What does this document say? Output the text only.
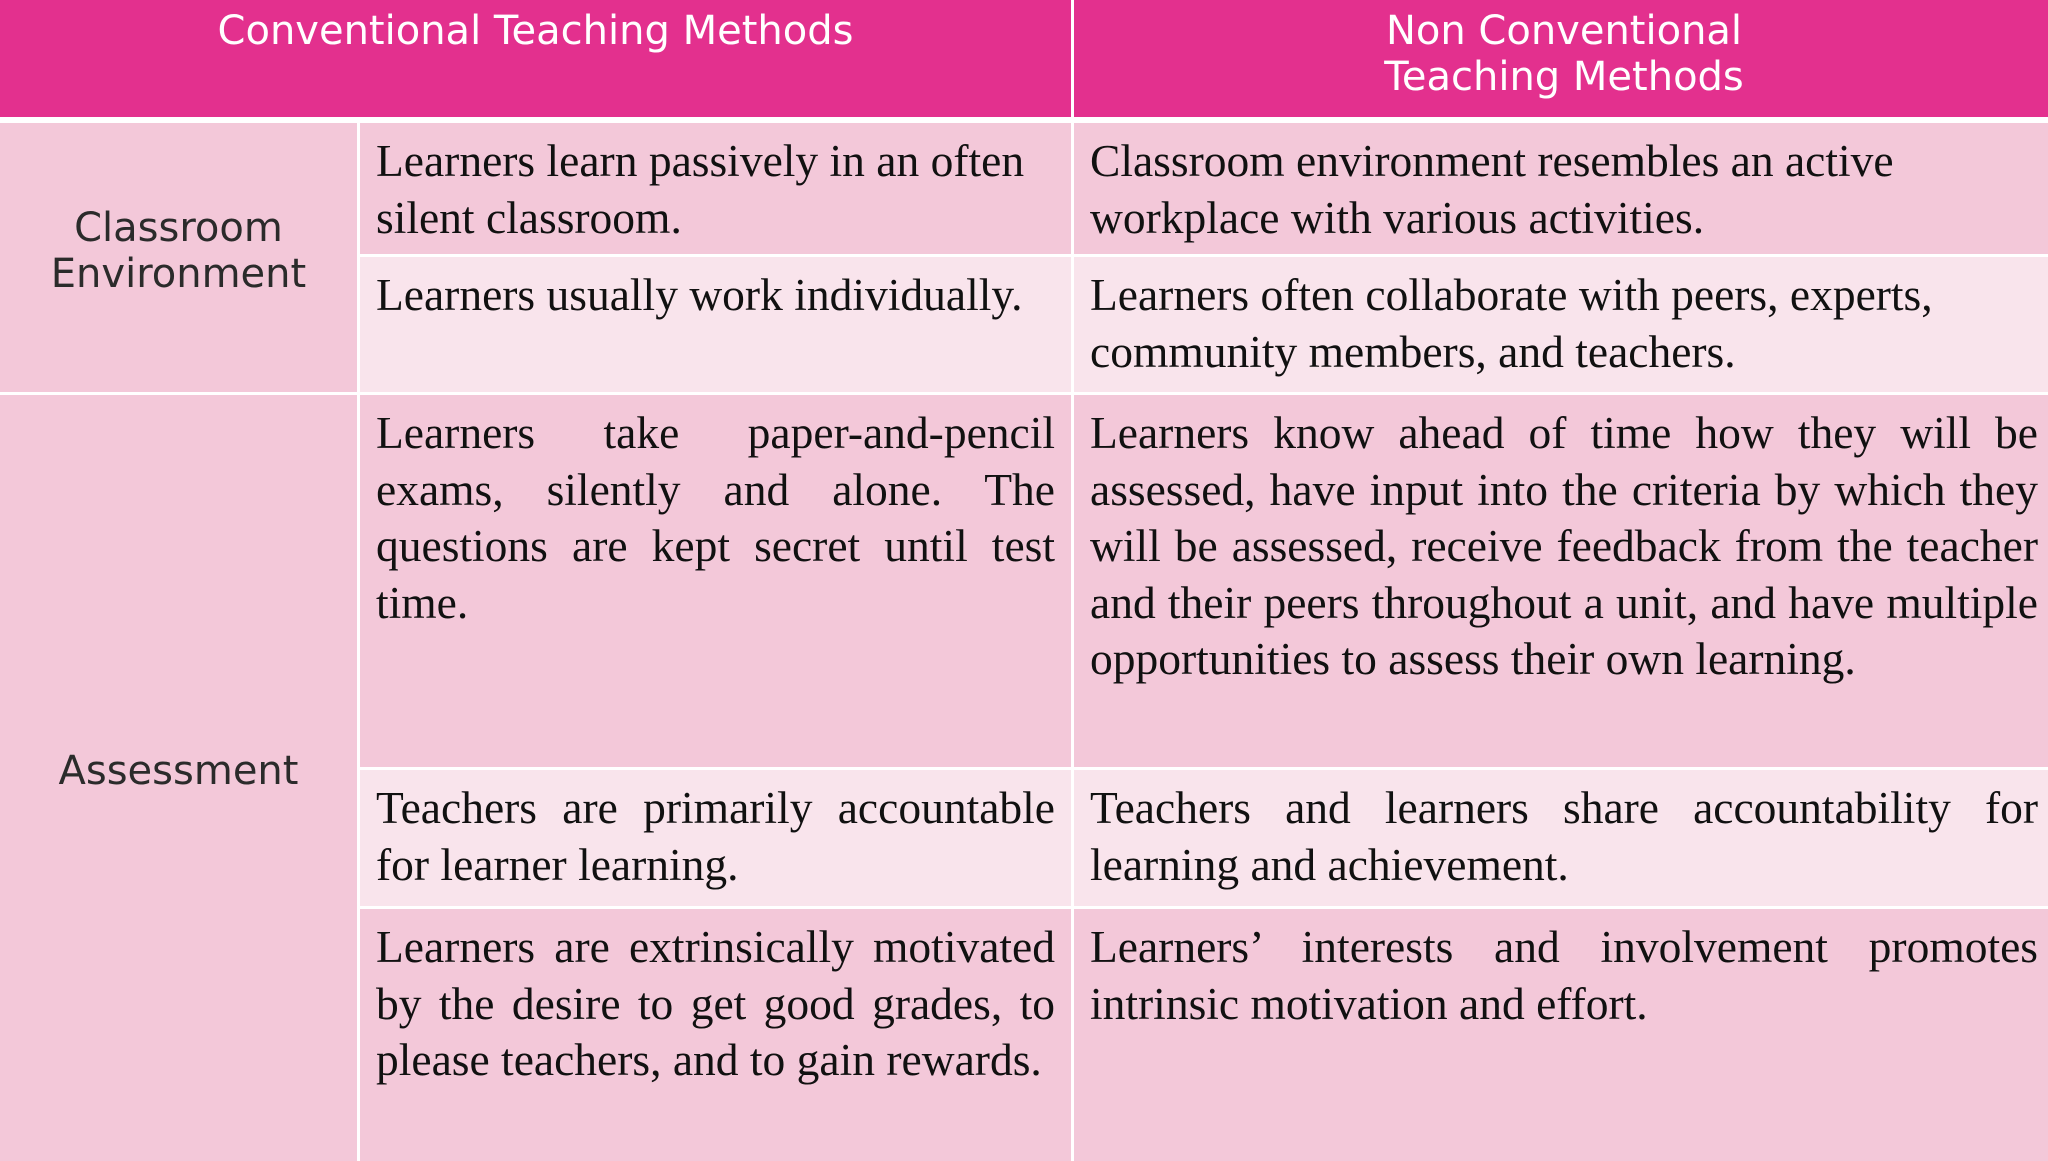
Conventional Teaching Methods	Non Conventional
Teaching Methods
Classroom
Environment
Assessment
Learners learn passively in an often silent classroom.
Classroom environment resembles an active workplace with various activities.
Learners usually work individually.	Learners often collaborate with peers, experts, community members, and teachers.
Learners take paper-and-pencil exams, silently and alone. The questions are kept secret until test time.
Learners know ahead of time how they will be assessed, have input into the criteria by which they will be assessed, receive feedback from the teacher and their peers throughout a unit, and have multiple opportunities to assess their own learning.
Teachers are primarily accountable for learner learning.
Teachers and learners share accountability for learning and achievement.
Learners are extrinsically motivated by the desire to get good grades, to please teachers, and to gain rewards.
Learners’ interests and involvement promotes intrinsic motivation and effort.
